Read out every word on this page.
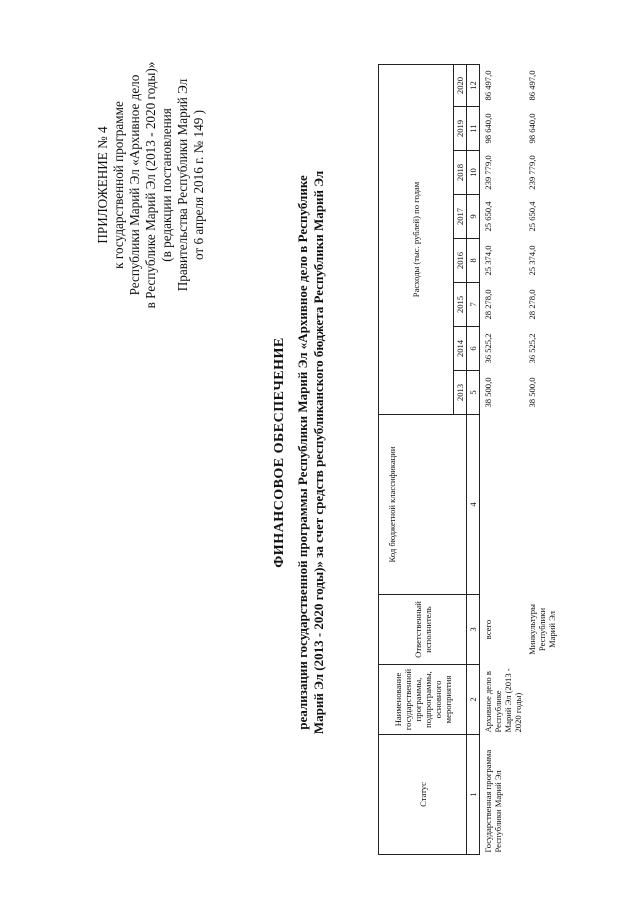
ПРИЛОЖЕНИЕ № 4 к государственной программе Республики Марий Эл «Архивное дело в Республике Марий Эл (2013 - 2020 годы)» (в редакции постановления Правительства Республики Марий Эл от 6 апреля 2016 г. № 149 )
ФИНАНСОВОЕ ОБЕСПЕЧЕНИЕ реализации государственной программы Республики Марий Эл «Архивное дело в Республике Марий Эл (2013 - 2020 годы)» за счет средств республиканского бюджета Республики Марий Эл
Статус	Наименование государственной программы, подпрограммы, основного мероприятия	Ответственный исполнитель	Код бюджетной классификации	Расходы (тыс. рублей) по годам							
				2013	2014	2015	2016	2017	2018	2019	2020
1	2	3	4	5	6	7	8	9	10	11	12
Государственная программа Республики Марий Эл	Архивное дело в Республике Марий Эл (2013 - 2020 годы)	всего		38 500,0	36 525,2	28 278,0	25 374,0	25 650,4	239 779,0	98 640,0	86 497,0
		Минкультуры Республики Марий Эл		38 500,0	36 525,2	28 278,0	25 374,0	25 650,4	239 779,0	98 640,0	86 497,0
